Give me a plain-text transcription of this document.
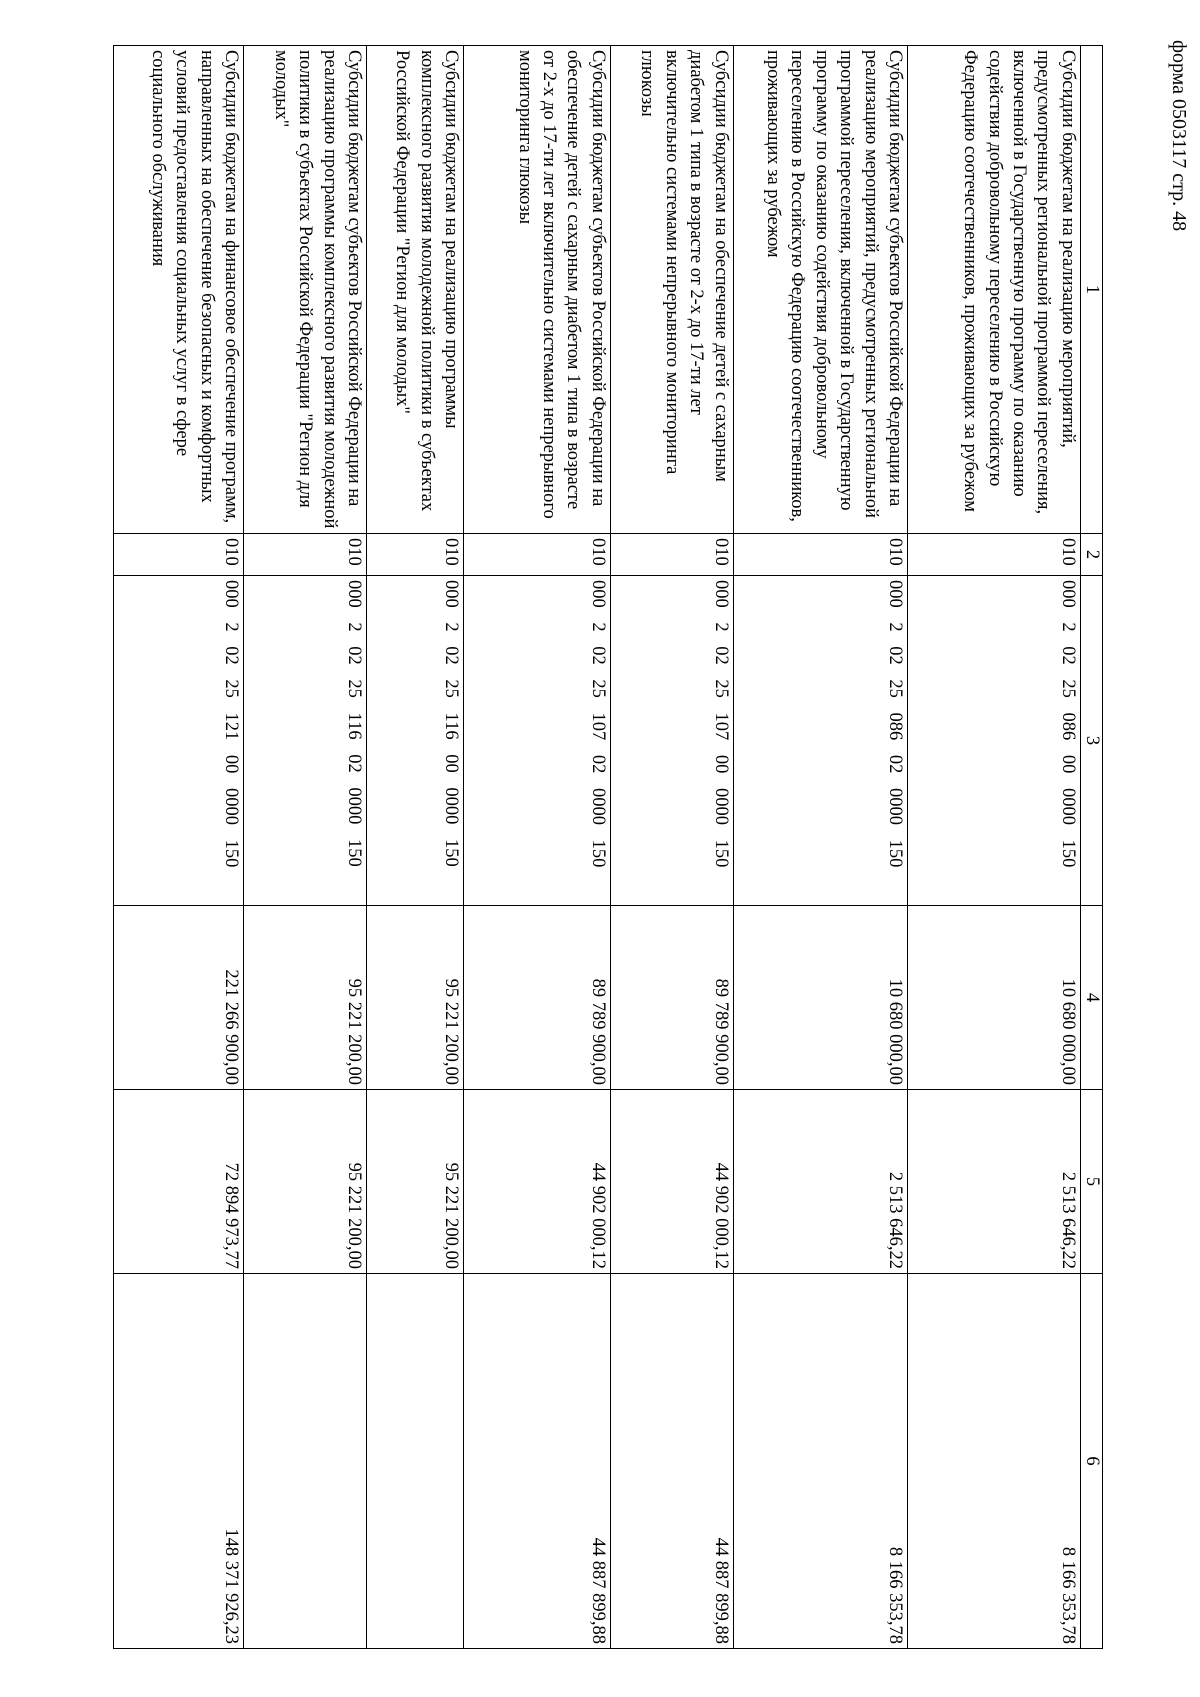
форма 0503117 стр. 48
1	2	3	4	5	6
Субсидии бюджетам на реализацию мероприятий, предусмотренных региональной программой переселения, включенной в Государственную программу по оказанию содействия добровольному переселению в Российскую Федерацию соотечественников, проживающих за рубежом	010	000 2 02 25 086 00 0000 150	10 680 000,00	2 513 646,22	8 166 353,78
Субсидии бюджетам субъектов Российской Федерации на реализацию мероприятий, предусмотренных региональной программой переселения, включенной в Государственную программу по оказанию содействия добровольному переселению в Российскую Федерацию соотечественников, проживающих за рубежом	010	000 2 02 25 086 02 0000 150	10 680 000,00	2 513 646,22	8 166 353,78
Субсидии бюджетам на обеспечение детей с сахарным диабетом 1 типа в возрасте от 2-х до 17-ти лет включительно системами непрерывного мониторинга глюкозы	010	000 2 02 25 107 00 0000 150	89 789 900,00	44 902 000,12	44 887 899,88
Субсидии бюджетам субъектов Российской Федерации на обеспечение детей с сахарным диабетом 1 типа в возрасте от 2-х до 17-ти лет включительно системами непрерывного мониторинга глюкозы	010	000 2 02 25 107 02 0000 150	89 789 900,00	44 902 000,12	44 887 899,88
Субсидии бюджетам на реализацию программы комплексного развития молодежной политики в субъектах Российской Федерации "Регион для молодых"	010	000 2 02 25 116 00 0000 150	95 221 200,00	95 221 200,00	
Субсидии бюджетам субъектов Российской Федерации на реализацию программы комплексного развития молодежной политики в субъектах Российской Федерации "Регион для молодых"	010	000 2 02 25 116 02 0000 150	95 221 200,00	95 221 200,00	
Субсидии бюджетам на финансовое обеспечение программ, направленных на обеспечение безопасных и комфортных условий предоставления социальных услуг в сфере социального обслуживания	010	000 2 02 25 121 00 0000 150	221 266 900,00	72 894 973,77	148 371 926,23
